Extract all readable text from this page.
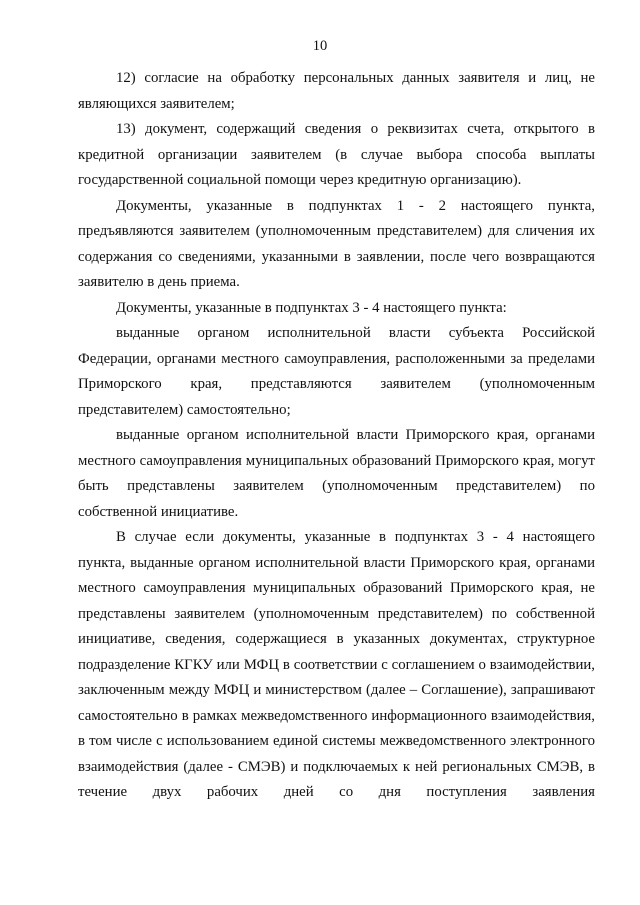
10

12) согласие на обработку персональных данных заявителя и лиц, не являющихся заявителем;

13) документ, содержащий сведения о реквизитах счета, открытого в кредитной организации заявителем (в случае выбора способа выплаты государственной социальной помощи через кредитную организацию).

Документы, указанные в подпунктах 1 - 2 настоящего пункта, предъявляются заявителем (уполномоченным представителем) для сличения их содержания со сведениями, указанными в заявлении, после чего возвращаются заявителю в день приема.

Документы, указанные в подпунктах 3 - 4 настоящего пункта:

выданные органом исполнительной власти субъекта Российской Федерации, органами местного самоуправления, расположенными за пределами Приморского края, представляются заявителем (уполномоченным представителем) самостоятельно;

выданные органом исполнительной власти Приморского края, органами местного самоуправления муниципальных образований Приморского края, могут быть представлены заявителем (уполномоченным представителем) по собственной инициативе.

В случае если документы, указанные в подпунктах 3 - 4 настоящего пункта, выданные органом исполнительной власти Приморского края, органами местного самоуправления муниципальных образований Приморского края, не представлены заявителем (уполномоченным представителем) по собственной инициативе, сведения, содержащиеся в указанных документах, структурное подразделение КГКУ или МФЦ в соответствии с соглашением о взаимодействии, заключенным между МФЦ и министерством (далее – Соглашение), запрашивают самостоятельно в рамках межведомственного информационного взаимодействия, в том числе с использованием единой системы межведомственного электронного взаимодействия (далее - СМЭВ) и подключаемых к ней региональных СМЭВ, в течение двух рабочих дней со дня поступления заявления
